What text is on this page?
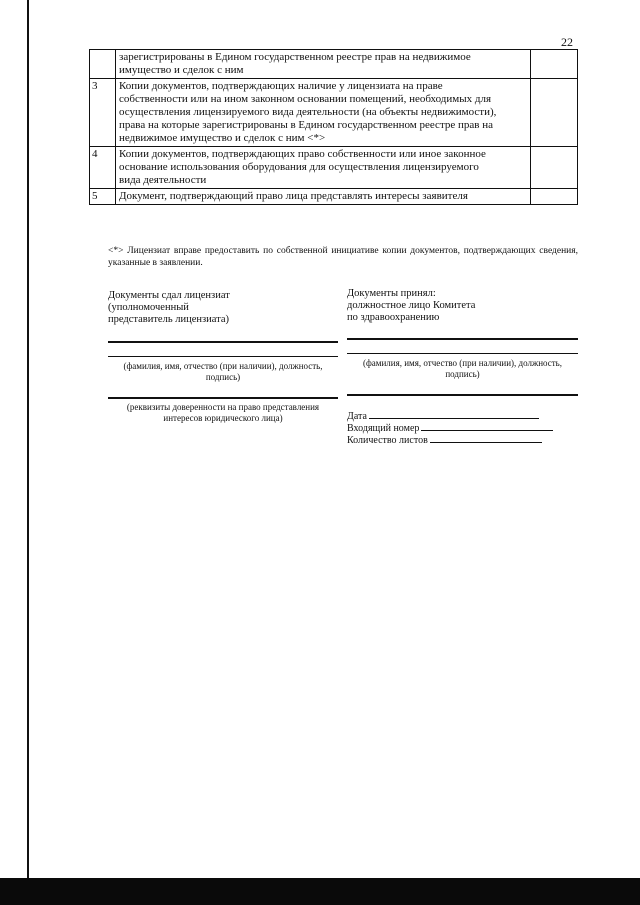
22
	зарегистрированы в Едином государственном реестре прав на недвижимое
имущество и сделок с ним	
3	Копии документов, подтверждающих наличие у лицензиата на праве
собственности или на ином законном основании помещений, необходимых для
осуществления лицензируемого вида деятельности (на объекты недвижимости),
права на которые зарегистрированы в Едином государственном реестре прав на
недвижимое имущество и сделок с ним <*>	
4	Копии документов, подтверждающих право собственности или иное законное
основание использования оборудования для осуществления лицензируемого
вида деятельности	
5	Документ, подтверждающий право лица представлять интересы заявителя	
<*> Лицензиат вправе предоставить по собственной инициативе копии документов, подтверждающих сведения, указанные в заявлении.
Документы сдал лицензиат
(уполномоченный
представитель лицензиата)
(фамилия, имя, отчество (при наличии), должность,
подпись)
(реквизиты доверенности на право представления
интересов юридического лица)
Документы принял:
должностное лицо Комитета
по здравоохранению
(фамилия, имя, отчество (при наличии), должность,
подпись)
Дата
Входящий номер
Количество листов
